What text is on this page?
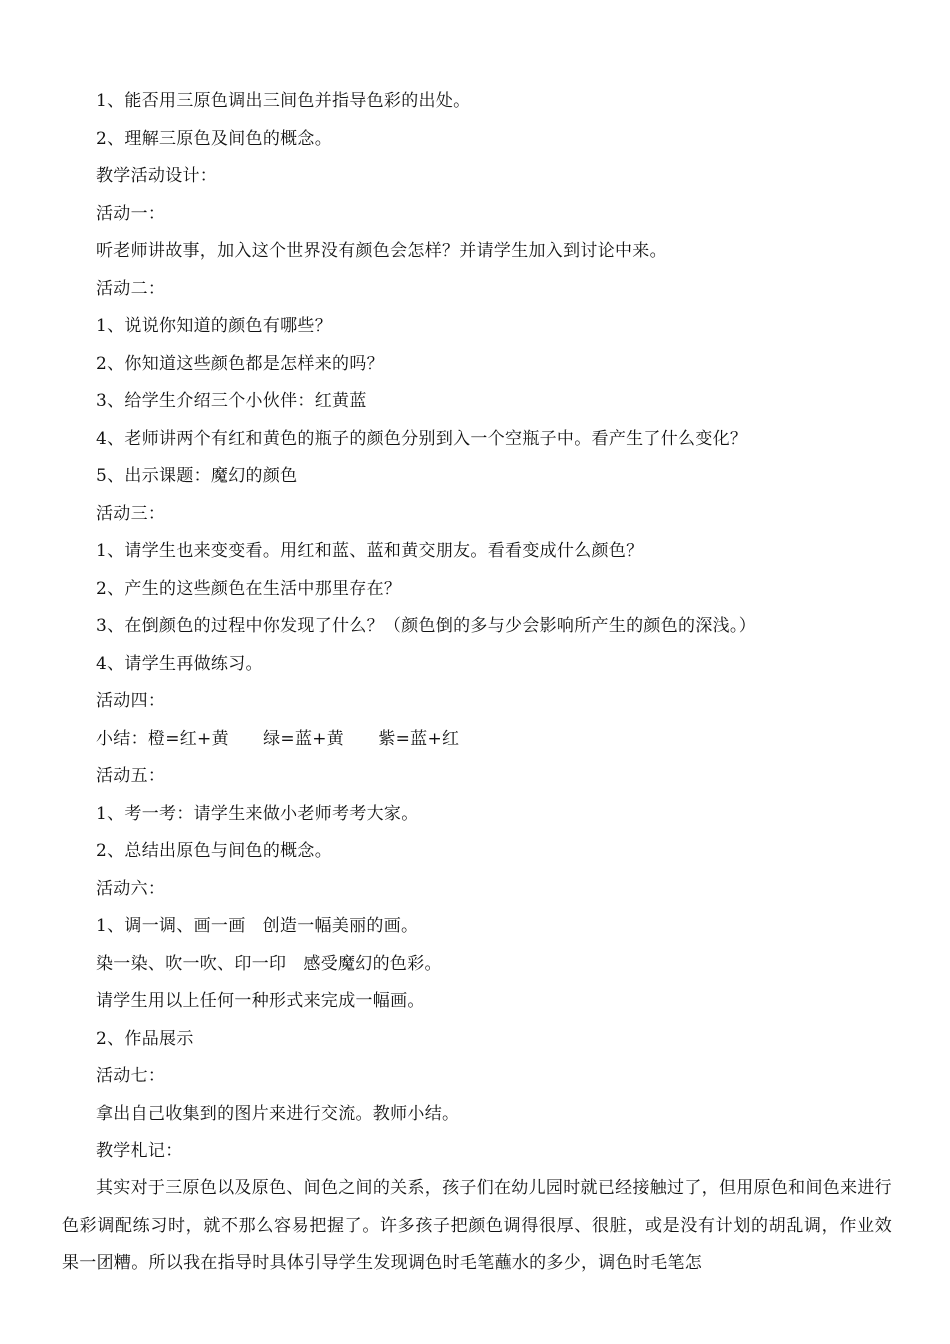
1、能否用三原色调出三间色并指导色彩的出处。
2、理解三原色及间色的概念。
教学活动设计：
活动一：
听老师讲故事，加入这个世界没有颜色会怎样？并请学生加入到讨论中来。
活动二：
1、说说你知道的颜色有哪些？
2、你知道这些颜色都是怎样来的吗？
3、给学生介绍三个小伙伴：红黄蓝
4、老师讲两个有红和黄色的瓶子的颜色分别到入一个空瓶子中。看产生了什么变化？
5、出示课题：魔幻的颜色
活动三：
1、请学生也来变变看。用红和蓝、蓝和黄交朋友。看看变成什么颜色？
2、产生的这些颜色在生活中那里存在？
3、在倒颜色的过程中你发现了什么？（颜色倒的多与少会影响所产生的颜色的深浅。）
4、请学生再做练习。
活动四：
小结：橙=红+黄      绿=蓝+黄      紫=蓝+红
活动五：
1、考一考：请学生来做小老师考考大家。
2、总结出原色与间色的概念。
活动六：
1、调一调、画一画   创造一幅美丽的画。
染一染、吹一吹、印一印   感受魔幻的色彩。
请学生用以上任何一种形式来完成一幅画。
2、作品展示
活动七：
拿出自己收集到的图片来进行交流。教师小结。
教学札记：
其实对于三原色以及原色、间色之间的关系，孩子们在幼儿园时就已经接触过了，但用原色和间色来进行色彩调配练习时，就不那么容易把握了。许多孩子把颜色调得很厚、很脏，或是没有计划的胡乱调，作业效果一团糟。所以我在指导时具体引导学生发现调色时毛笔蘸水的多少，调色时毛笔怎
